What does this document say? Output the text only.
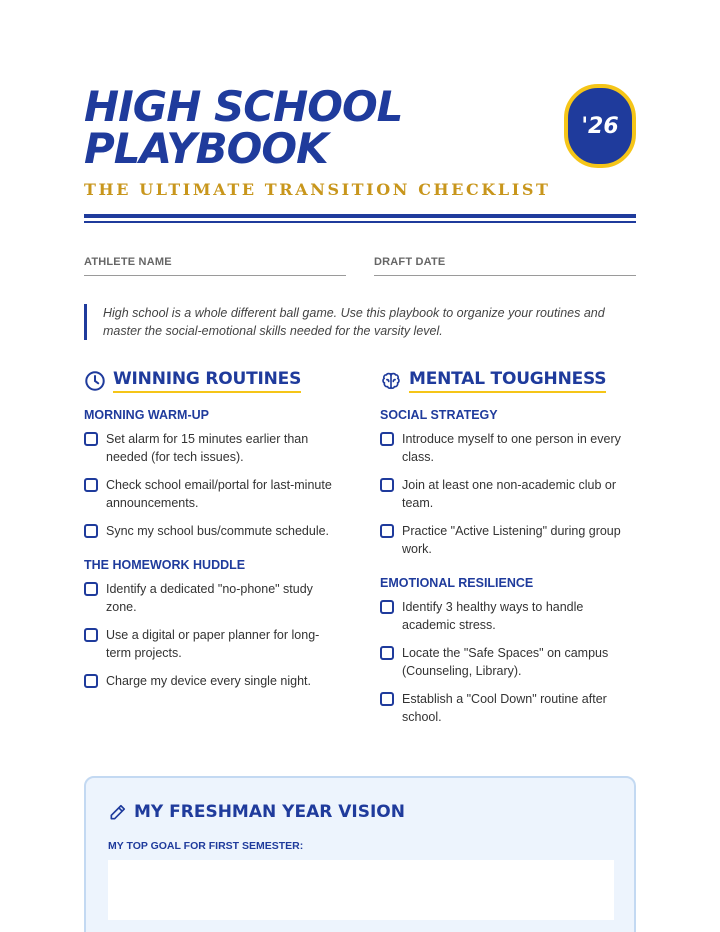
HIGH SCHOOL
PLAYBOOK	'26
THE ULTIMATE TRANSITION CHECKLIST
ATHLETE NAME	DRAFT DATE
High school is a whole different ball game. Use this playbook to organize your routines and master the social-emotional skills needed for the varsity level.
WINNING ROUTINES
MORNING WARM-UP
Set alarm for 15 minutes earlier than needed (for tech issues).
Check school email/portal for last-minute announcements.
Sync my school bus/commute schedule.
THE HOMEWORK HUDDLE
Identify a dedicated "no-phone" study zone.
Use a digital or paper planner for long-term projects.
Charge my device every single night.
MENTAL TOUGHNESS
SOCIAL STRATEGY
Introduce myself to one person in every class.
Join at least one non-academic club or team.
Practice "Active Listening" during group work.
EMOTIONAL RESILIENCE
Identify 3 healthy ways to handle academic stress.
Locate the "Safe Spaces" on campus (Counseling, Library).
Establish a "Cool Down" routine after school.
MY FRESHMAN YEAR VISION
MY TOP GOAL FOR FIRST SEMESTER:
